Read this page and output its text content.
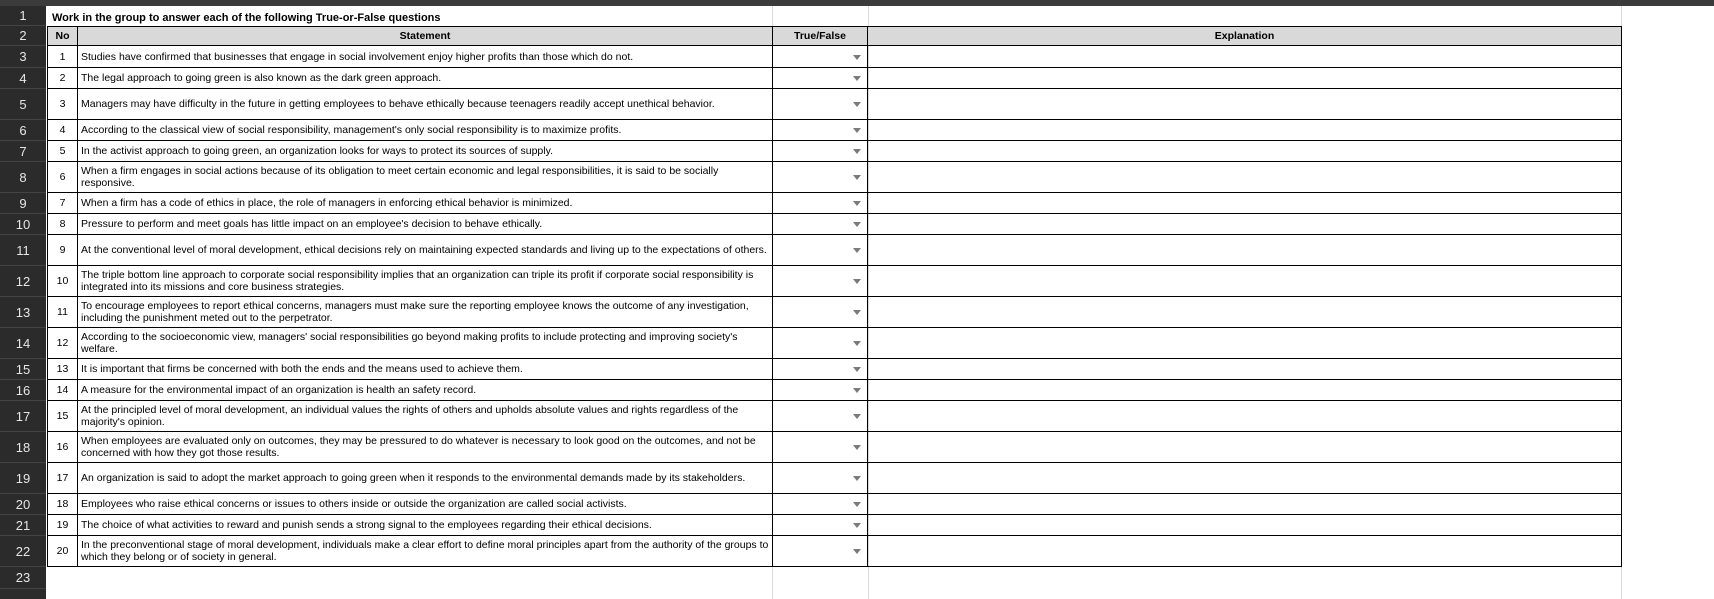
1
2
3
4
5
6
7
8
9
10
11
12
13
14
15
16
17
18
19
20
21
22
23
Work in the group to answer each of the following True-or-False questions
No	Statement	True/False	Explanation
1	Studies have confirmed that businesses that engage in social involvement enjoy higher profits than those which do not.	

2	The legal approach to going green is also known as the dark green approach.	

3	Managers may have difficulty in the future in getting employees to behave ethically because teenagers readily accept unethical behavior.	

4	According to the classical view of social responsibility, management's only social responsibility is to maximize profits.	

5	In the activist approach to going green, an organization looks for ways to protect its sources of supply.	

6	When a firm engages in social actions because of its obligation to meet certain economic and legal responsibilities, it is said to be socially responsive.	

7	When a firm has a code of ethics in place, the role of managers in enforcing ethical behavior is minimized.	

8	Pressure to perform and meet goals has little impact on an employee's decision to behave ethically.	

9	At the conventional level of moral development, ethical decisions rely on maintaining expected standards and living up to the expectations of others.	

10	The triple bottom line approach to corporate social responsibility implies that an organization can triple its profit if corporate social responsibility is integrated into its missions and core business strategies.	

11	To encourage employees to report ethical concerns, managers must make sure the reporting employee knows the outcome of any investigation, including the punishment meted out to the perpetrator.	

12	According to the socioeconomic view, managers' social responsibilities go beyond making profits to include protecting and improving society's welfare.	

13	It is important that firms be concerned with both the ends and the means used to achieve them.	

14	A measure for the environmental impact of an organization is health an safety record.	

15	At the principled level of moral development, an individual values the rights of others and upholds absolute values and rights regardless of the majority's opinion.	

16	When employees are evaluated only on outcomes, they may be pressured to do whatever is necessary to look good on the outcomes, and not be concerned with how they got those results.	

17	An organization is said to adopt the market approach to going green when it responds to the environmental demands made by its stakeholders.	

18	Employees who raise ethical concerns or issues to others inside or outside the organization are called social activists.	

19	The choice of what activities to reward and punish sends a strong signal to the employees regarding their ethical decisions.	

20	In the preconventional stage of moral development, individuals make a clear effort to define moral principles apart from the authority of the groups to which they belong or of society in general.	
